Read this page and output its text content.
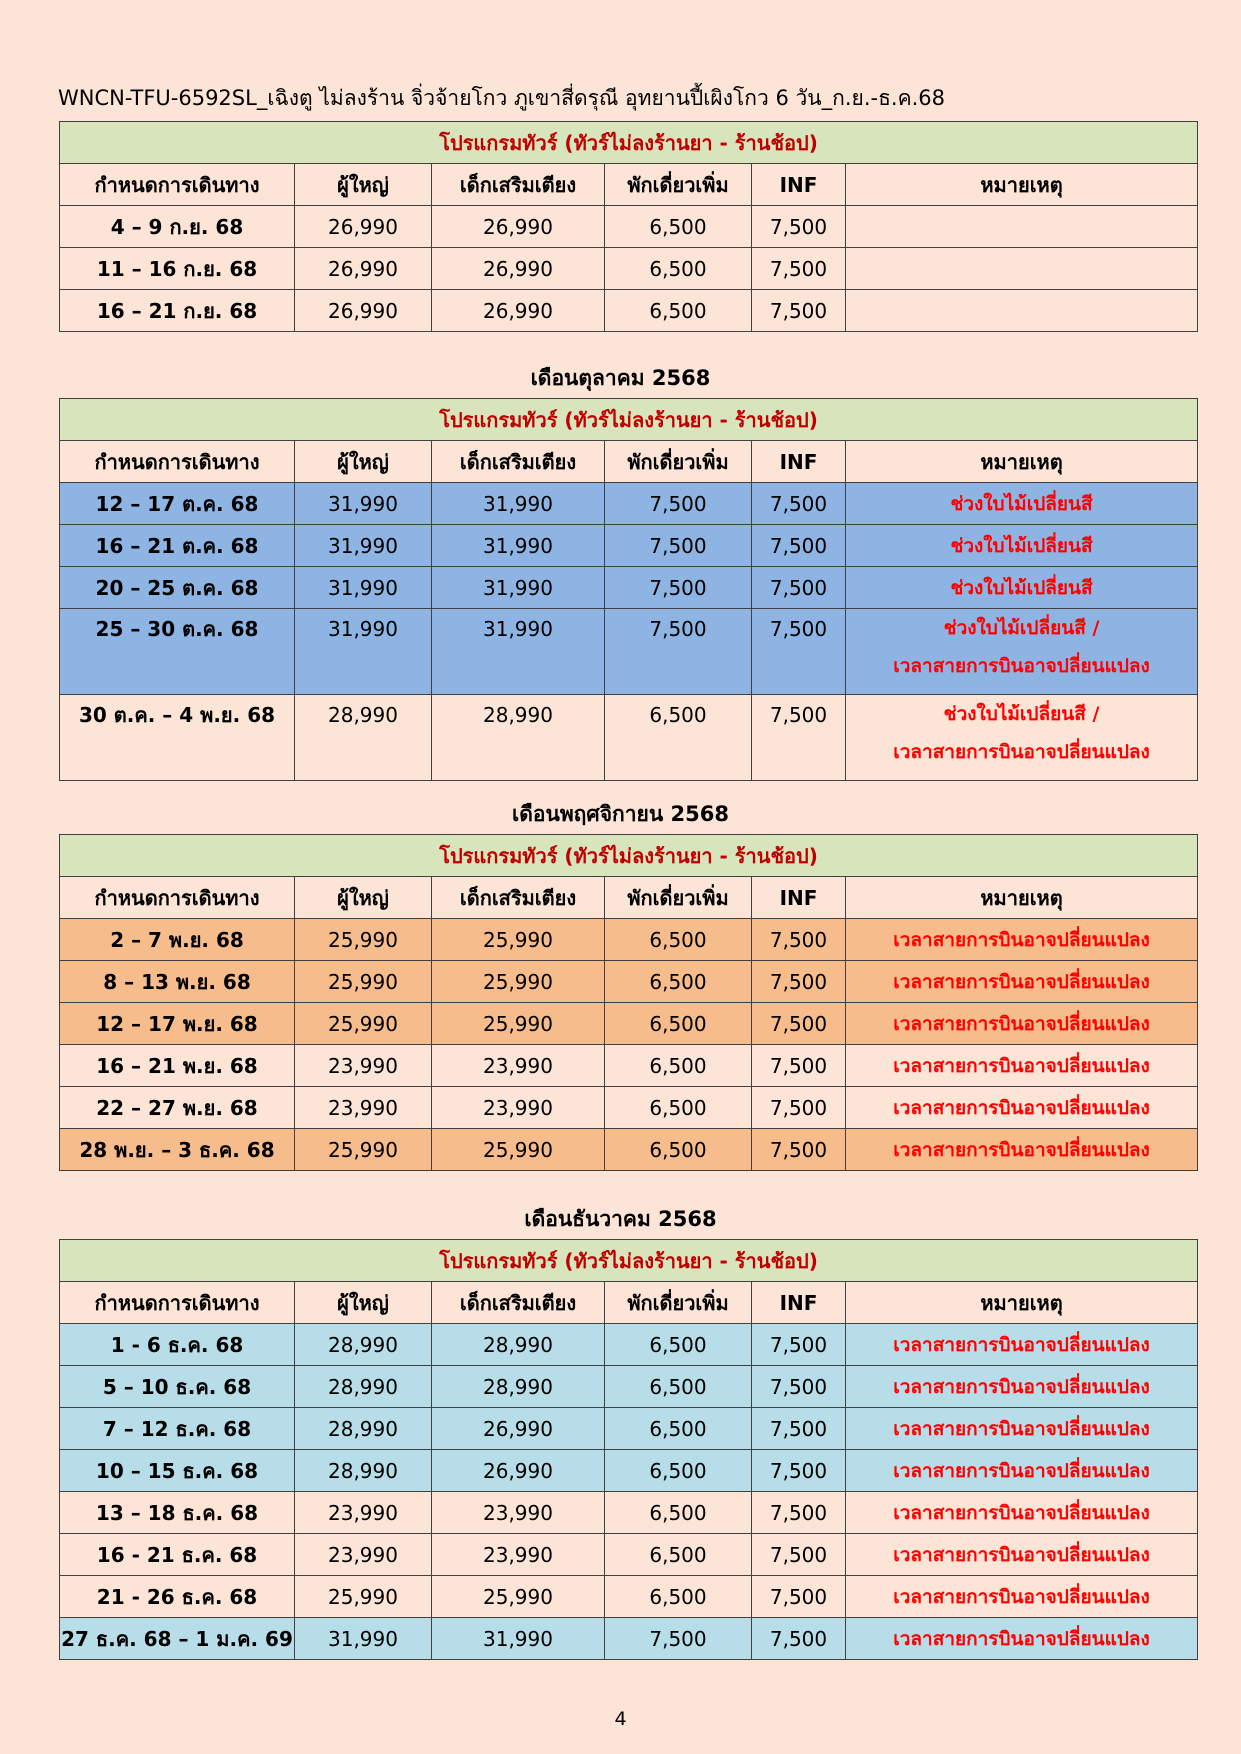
WNCN-TFU-6592SL_เฉิงตู ไม่ลงร้าน จิ่วจ้ายโกว ภูเขาสี่ดรุณี อุทยานปี้เผิงโกว 6 วัน_ก.ย.-ธ.ค.68
โปรแกรมทัวร์ (ทัวร์ไม่ลงร้านยา - ร้านช้อป)					
กำหนดการเดินทาง	ผู้ใหญ่	เด็กเสริมเตียง	พักเดี่ยวเพิ่ม	INF	หมายเหตุ
4 – 9 ก.ย. 68	26,990	26,990	6,500	7,500	

11 – 16 ก.ย. 68	26,990	26,990	6,500	7,500	

16 – 21 ก.ย. 68	26,990	26,990	6,500	7,500	
เดือนตุลาคม 2568
โปรแกรมทัวร์ (ทัวร์ไม่ลงร้านยา - ร้านช้อป)					
กำหนดการเดินทาง	ผู้ใหญ่	เด็กเสริมเตียง	พักเดี่ยวเพิ่ม	INF	หมายเหตุ
12 – 17 ต.ค. 68	31,990	31,990	7,500	7,500	ช่วงใบไม้เปลี่ยนสี

16 – 21 ต.ค. 68	31,990	31,990	7,500	7,500	ช่วงใบไม้เปลี่ยนสี

20 – 25 ต.ค. 68	31,990	31,990	7,500	7,500	ช่วงใบไม้เปลี่ยนสี

25 – 30 ต.ค. 68	31,990	31,990	7,500	7,500	ช่วงใบไม้เปลี่ยนสี /
เวลาสายการบินอาจปลี่ยนแปลง

30 ต.ค. – 4 พ.ย. 68	28,990	28,990	6,500	7,500	ช่วงใบไม้เปลี่ยนสี /
เวลาสายการบินอาจปลี่ยนแปลง
เดือนพฤศจิกายน 2568
โปรแกรมทัวร์ (ทัวร์ไม่ลงร้านยา - ร้านช้อป)					
กำหนดการเดินทาง	ผู้ใหญ่	เด็กเสริมเตียง	พักเดี่ยวเพิ่ม	INF	หมายเหตุ
2 – 7 พ.ย. 68	25,990	25,990	6,500	7,500	เวลาสายการบินอาจปลี่ยนแปลง

8 – 13 พ.ย. 68	25,990	25,990	6,500	7,500	เวลาสายการบินอาจปลี่ยนแปลง

12 – 17 พ.ย. 68	25,990	25,990	6,500	7,500	เวลาสายการบินอาจปลี่ยนแปลง

16 – 21 พ.ย. 68	23,990	23,990	6,500	7,500	เวลาสายการบินอาจปลี่ยนแปลง

22 – 27 พ.ย. 68	23,990	23,990	6,500	7,500	เวลาสายการบินอาจปลี่ยนแปลง

28 พ.ย. – 3 ธ.ค. 68	25,990	25,990	6,500	7,500	เวลาสายการบินอาจปลี่ยนแปลง
เดือนธันวาคม 2568
โปรแกรมทัวร์ (ทัวร์ไม่ลงร้านยา - ร้านช้อป)					
กำหนดการเดินทาง	ผู้ใหญ่	เด็กเสริมเตียง	พักเดี่ยวเพิ่ม	INF	หมายเหตุ
1 - 6 ธ.ค. 68	28,990	28,990	6,500	7,500	เวลาสายการบินอาจปลี่ยนแปลง

5 – 10 ธ.ค. 68	28,990	28,990	6,500	7,500	เวลาสายการบินอาจปลี่ยนแปลง

7 – 12 ธ.ค. 68	28,990	26,990	6,500	7,500	เวลาสายการบินอาจปลี่ยนแปลง

10 – 15 ธ.ค. 68	28,990	26,990	6,500	7,500	เวลาสายการบินอาจปลี่ยนแปลง

13 – 18 ธ.ค. 68	23,990	23,990	6,500	7,500	เวลาสายการบินอาจปลี่ยนแปลง

16 - 21 ธ.ค. 68	23,990	23,990	6,500	7,500	เวลาสายการบินอาจปลี่ยนแปลง

21 - 26 ธ.ค. 68	25,990	25,990	6,500	7,500	เวลาสายการบินอาจปลี่ยนแปลง

27 ธ.ค. 68 – 1 ม.ค. 69	31,990	31,990	7,500	7,500	เวลาสายการบินอาจปลี่ยนแปลง
4
